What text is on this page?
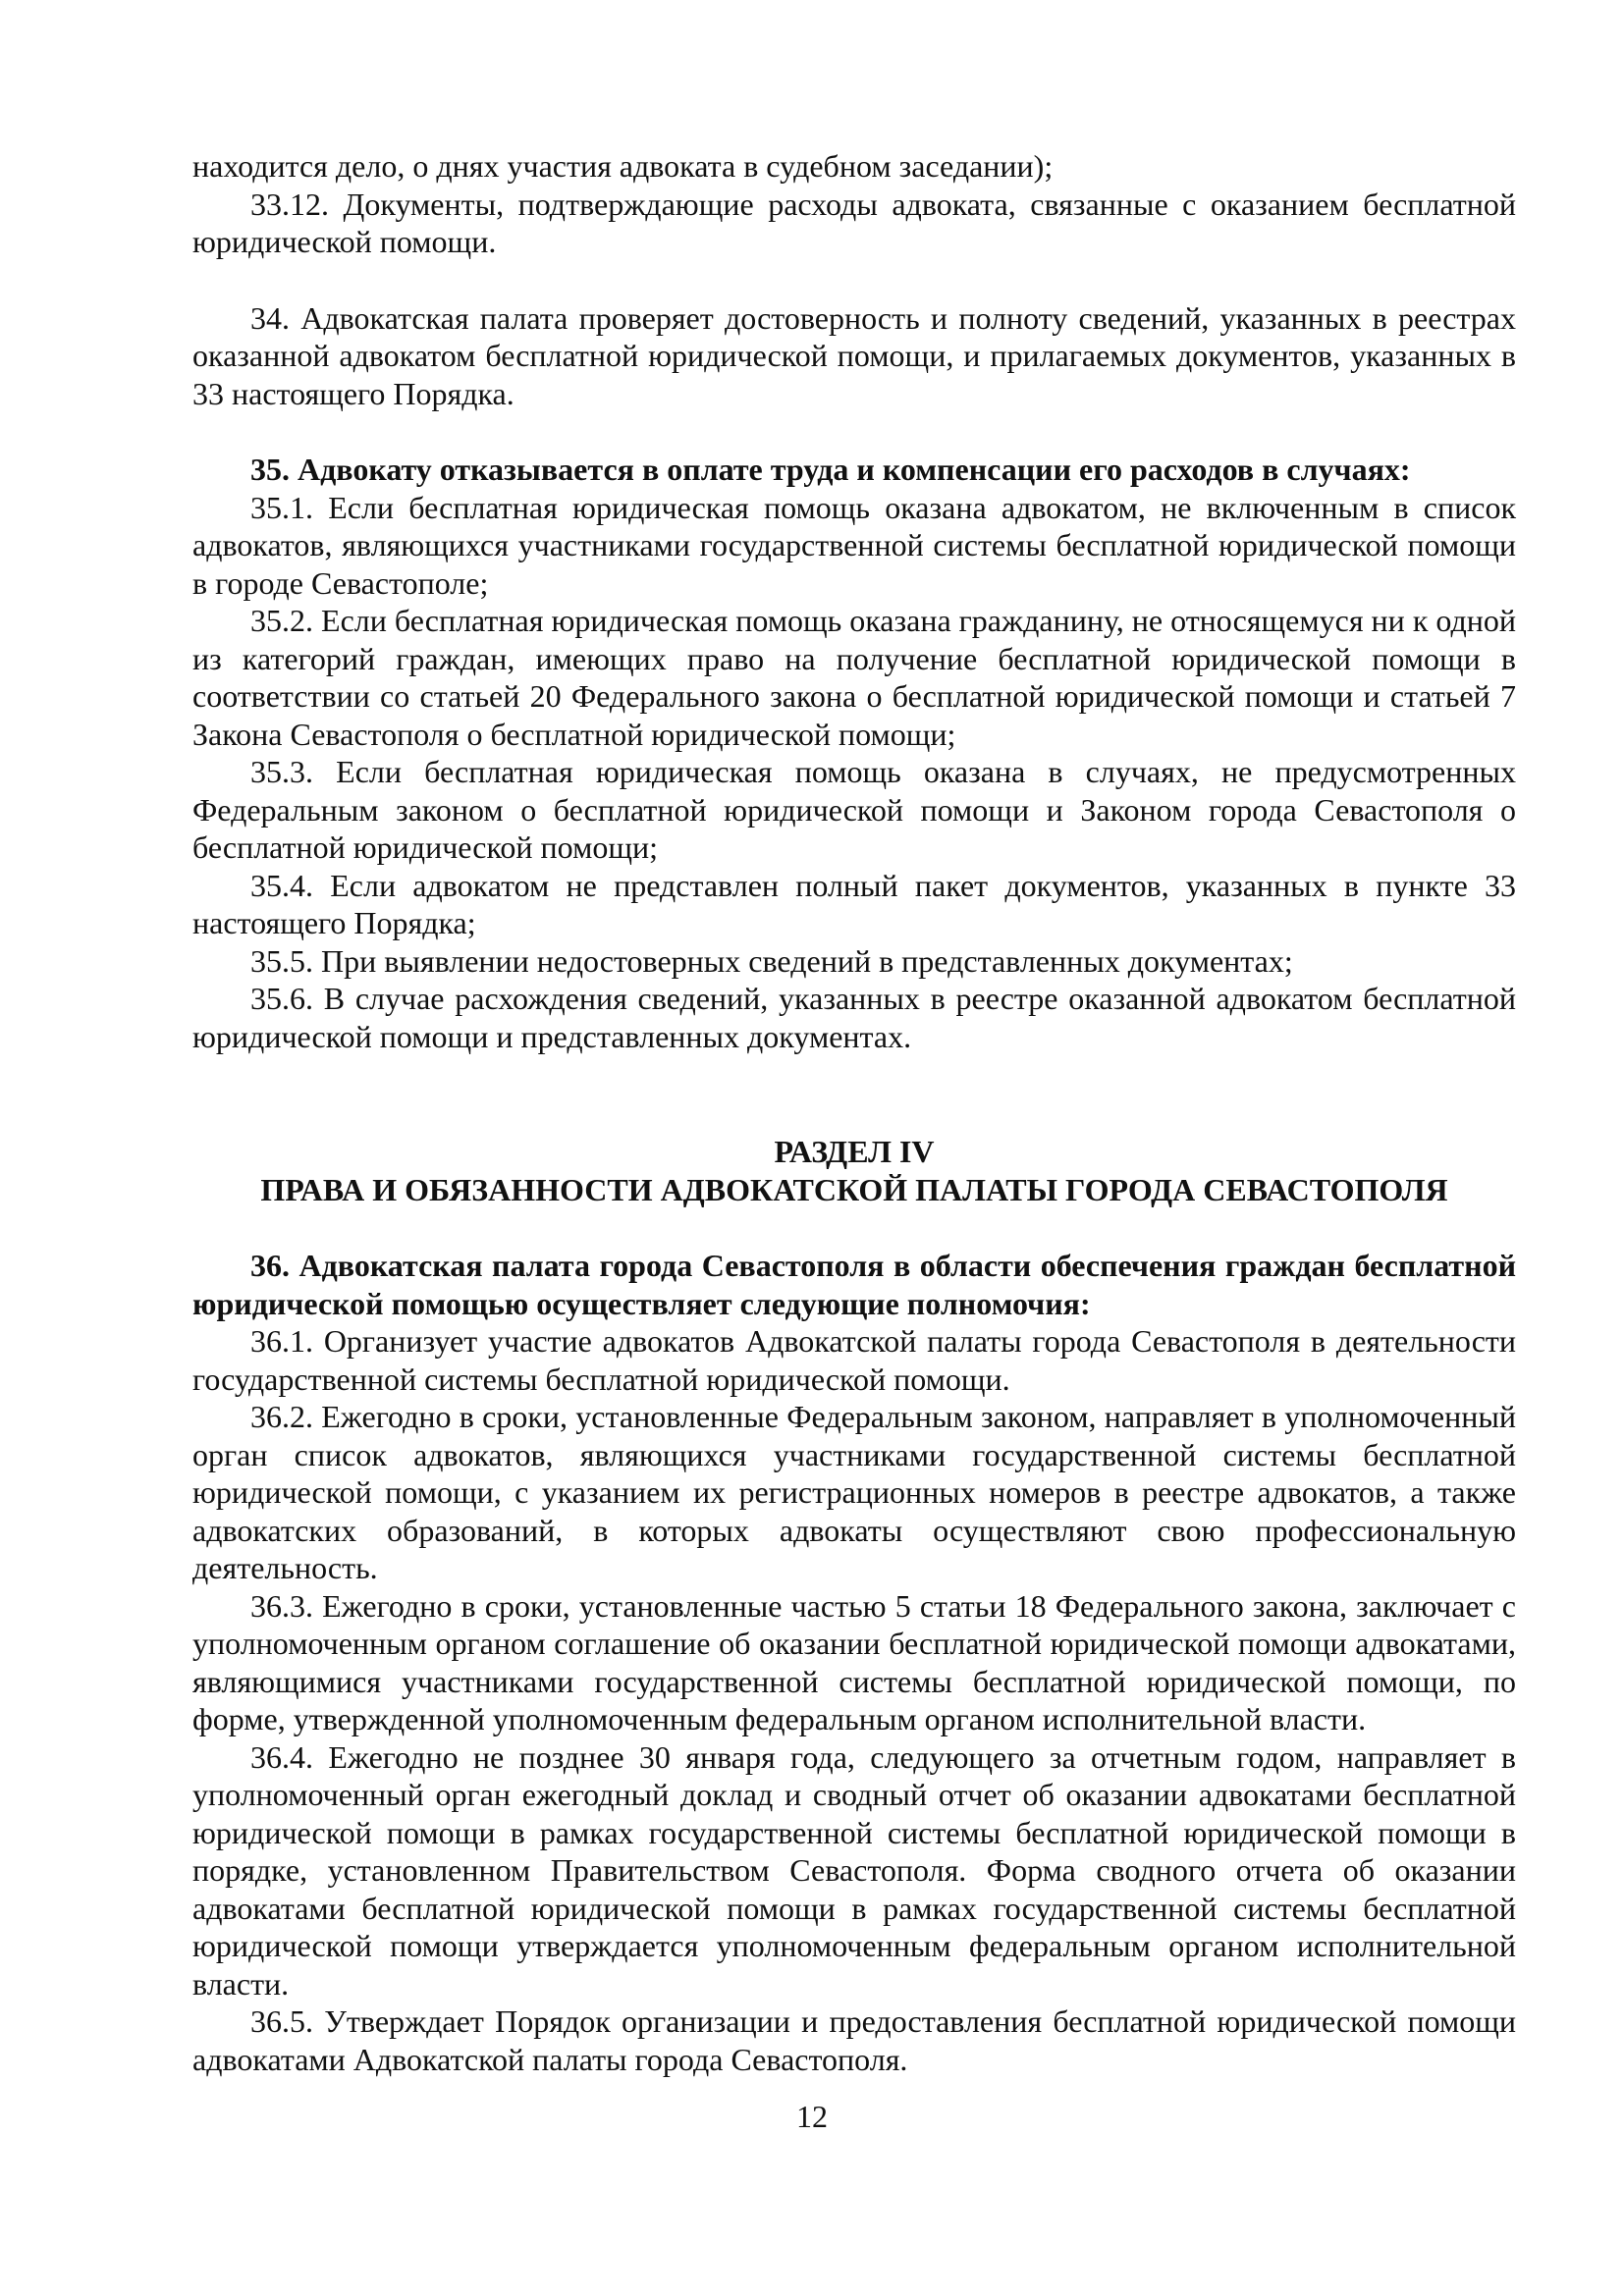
находится дело, о днях участия адвоката в судебном заседании);

33.12. Документы, подтверждающие расходы адвоката, связанные с оказанием бесплатной юридической помощи.

34. Адвокатская палата проверяет достоверность и полноту сведений, указанных в реестрах оказанной адвокатом бесплатной юридической помощи, и прилагаемых документов, указанных в 33 настоящего Порядка.

35. Адвокату отказывается в оплате труда и компенсации его расходов в случаях:

35.1. Если бесплатная юридическая помощь оказана адвокатом, не включенным в список адвокатов, являющихся участниками государственной системы бесплатной юридической помощи в городе Севастополе;

35.2. Если бесплатная юридическая помощь оказана гражданину, не относящемуся ни к одной из категорий граждан, имеющих право на получение бесплатной юридической помощи в соответствии со статьей 20 Федерального закона о бесплатной юридической помощи и статьей 7 Закона Севастополя о бесплатной юридической помощи;

35.3. Если бесплатная юридическая помощь оказана в случаях, не предусмотренных Федеральным законом о бесплатной юридической помощи и Законом города Севастополя о бесплатной юридической помощи;

35.4. Если адвокатом не представлен полный пакет документов, указанных в пункте 33 настоящего Порядка;

35.5. При выявлении недостоверных сведений в представленных документах;

35.6. В случае расхождения сведений, указанных в реестре оказанной адвокатом бесплатной юридической помощи и представленных документах.

РАЗДЕЛ IV

ПРАВА И ОБЯЗАННОСТИ АДВОКАТСКОЙ ПАЛАТЫ ГОРОДА СЕВАСТОПОЛЯ

36. Адвокатская палата города Севастополя в области обеспечения граждан бесплатной юридической помощью осуществляет следующие полномочия:

36.1. Организует участие адвокатов Адвокатской палаты города Севастополя в деятельности государственной системы бесплатной юридической помощи.

36.2. Ежегодно в сроки, установленные Федеральным законом, направляет в уполномоченный орган список адвокатов, являющихся участниками государственной системы бесплатной юридической помощи, с указанием их регистрационных номеров в реестре адвокатов, а также адвокатских образований, в которых адвокаты осуществляют свою профессиональную деятельность.

36.3. Ежегодно в сроки, установленные частью 5 статьи 18 Федерального закона, заключает с уполномоченным органом соглашение об оказании бесплатной юридической помощи адвокатами, являющимися участниками государственной системы бесплатной юридической помощи, по форме, утвержденной уполномоченным федеральным органом исполнительной власти.

36.4. Ежегодно не позднее 30 января года, следующего за отчетным годом, направляет в уполномоченный орган ежегодный доклад и сводный отчет об оказании адвокатами бесплатной юридической помощи в рамках государственной системы бесплатной юридической помощи в порядке, установленном Правительством Севастополя. Форма сводного отчета об оказании адвокатами бесплатной юридической помощи в рамках государственной системы бесплатной юридической помощи утверждается уполномоченным федеральным органом исполнительной власти.

36.5. Утверждает Порядок организации и предоставления бесплатной юридической помощи адвокатами Адвокатской палаты города Севастополя.

12
